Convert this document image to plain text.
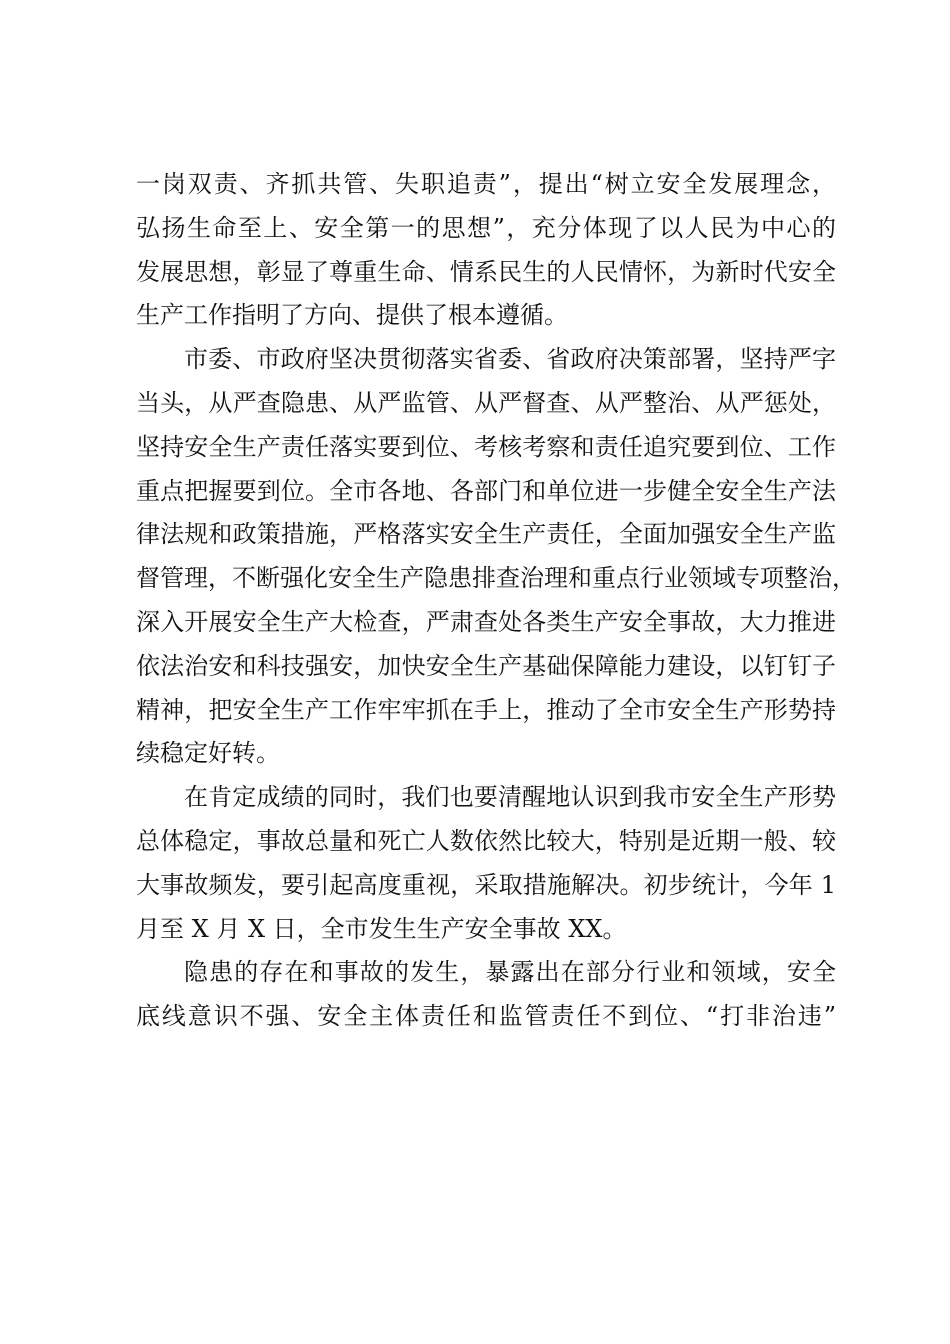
一岗双责、齐抓共管、失职追责”，提出“树立安全发展理念，
弘扬生命至上、安全第一的思想”，充分体现了以人民为中心的
发展思想，彰显了尊重生命、情系民生的人民情怀，为新时代安全
生产工作指明了方向、提供了根本遵循。
市委、市政府坚决贯彻落实省委、省政府决策部署，坚持严字
当头，从严查隐患、从严监管、从严督查、从严整治、从严惩处，
坚持安全生产责任落实要到位、考核考察和责任追究要到位、工作
重点把握要到位。全市各地、各部门和单位进一步健全安全生产法
律法规和政策措施，严格落实安全生产责任，全面加强安全生产监
督管理，不断强化安全生产隐患排查治理和重点行业领域专项整治，
深入开展安全生产大检查，严肃查处各类生产安全事故，大力推进
依法治安和科技强安，加快安全生产基础保障能力建设，以钉钉子
精神，把安全生产工作牢牢抓在手上，推动了全市安全生产形势持
续稳定好转。
在肯定成绩的同时，我们也要清醒地认识到我市安全生产形势
总体稳定，事故总量和死亡人数依然比较大，特别是近期一般、较
大事故频发，要引起高度重视，采取措施解决。初步统计，今年 1
月至 X 月 X 日，全市发生生产安全事故 XX。
隐患的存在和事故的发生，暴露出在部分行业和领域，安全
底线意识不强、安全主体责任和监管责任不到位、“打非治违”
